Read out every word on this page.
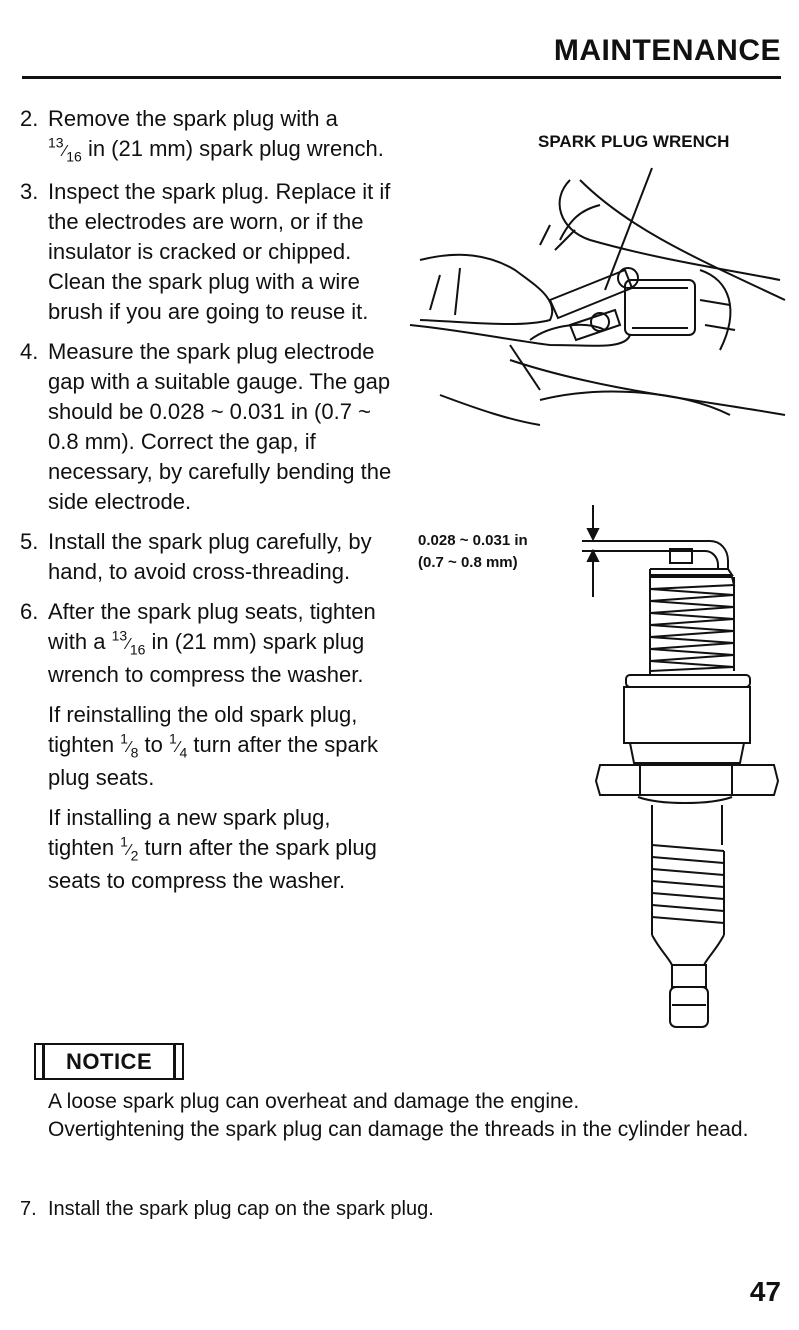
MAINTENANCE
2. Remove the spark plug with a
$^{13}⁄_{16}$ in (21 mm) spark plug wrench.
3. Inspect the spark plug. Replace it if the electrodes are worn, or if the insulator is cracked or chipped. Clean the spark plug with a wire brush if you are going to reuse it.
4. Measure the spark plug electrode gap with a suitable gauge. The gap should be 0.028 ~ 0.031 in (0.7 ~ 0.8 mm). Correct the gap, if necessary, by carefully bending the side electrode.
5. Install the spark plug carefully, by hand, to avoid cross-threading.
6. After the spark plug seats, tighten with a $^{13}⁄_{16}$ in (21 mm) spark plug wrench to compress the washer.
If reinstalling the old spark plug, tighten $^1⁄_8$ to $^1⁄_4$ turn after the spark plug seats.
If installing a new spark plug, tighten $^1⁄_2$ turn after the spark plug seats to compress the washer.
NOTICE
A loose spark plug can overheat and damage the engine.
Overtightening the spark plug can damage the threads in the cylinder head.
7. Install the spark plug cap on the spark plug.
47
SPARK PLUG WRENCH
0.028 ~ 0.031 in
(0.7 ~ 0.8 mm)
